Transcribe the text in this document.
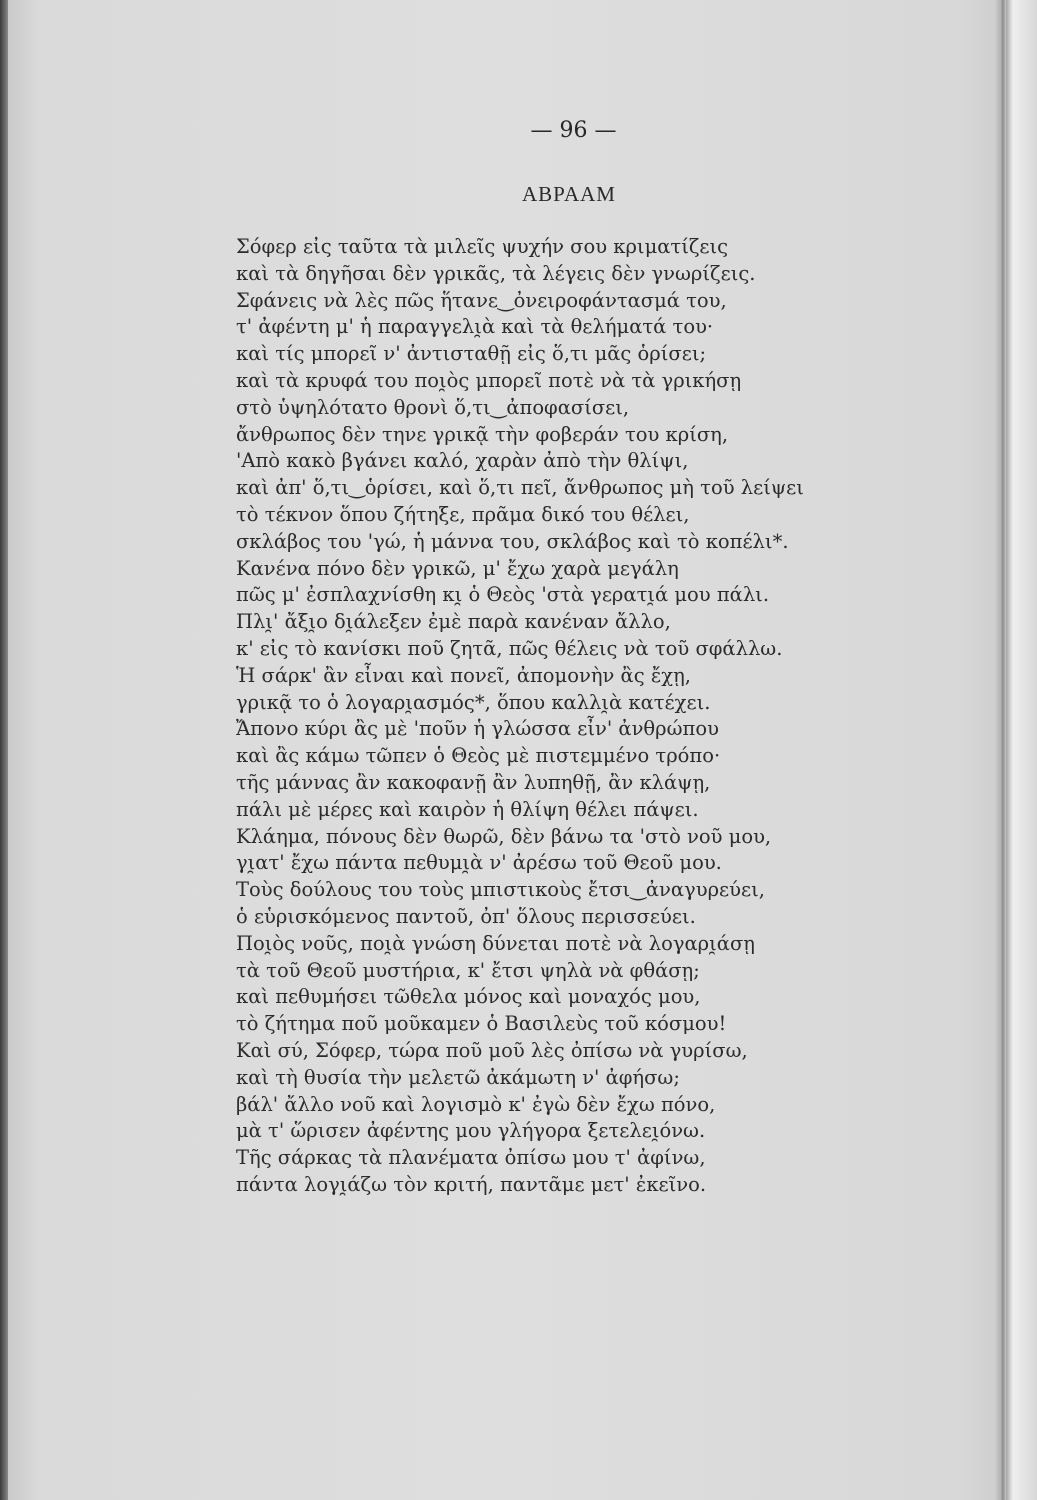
— 96 —
ΑΒΡΑΑΜ
Σόφερ εἰς ταῦτα τὰ μιλεῖς ψυχήν σου κριματίζεις
καὶ τὰ δηγῆσαι δὲν γρικᾶς, τὰ λέγεις δὲν γνωρίζεις.
Σφάνεις νὰ λὲς πῶς ἥτανε‿ὀνειροφάντασμά του,
τ' ἀφέντη μ' ἡ παραγγελι̯ὰ καὶ τὰ θελήματά του·
καὶ τίς μπορεῖ ν' ἀντισταθῇ εἰς ὅ,τι μᾶς ὁρίσει;
καὶ τὰ κρυφά του ποι̯ὸς μπορεῖ ποτὲ νὰ τὰ γρικήσῃ
στὸ ὑψηλότατο θρονὶ ὅ,τι‿ἀποφασίσει,
ἄνθρωπος δὲν τηνε γρικᾷ τὴν φοβεράν του κρίση,
'Απὸ κακὸ βγάνει καλό, χαρὰν ἀπὸ τὴν θλίψι,
καὶ ἀπ' ὅ,τι‿ὁρίσει, καὶ ὅ,τι πεῖ, ἄνθρωπος μὴ τοῦ λείψει
τὸ τέκνον ὅπου ζήτηξε, πρᾶμα δικό του θέλει,
σκλάβος του 'γώ, ἡ μάννα του, σκλάβος καὶ τὸ κοπέλι*.
Κανένα πόνο δὲν γρικῶ, μ' ἔχω χαρὰ μεγάλη
πῶς μ' ἐσπλαχνίσθη κι̯ ὁ Θεὸς 'στὰ γερατι̯ά μου πάλι.
Πλι̯' ἄξι̯ο δι̯άλεξεν ἐμὲ παρὰ κανέναν ἄλλο,
κ' εἰς τὸ κανίσκι ποῦ ζητᾶ, πῶς θέλεις νὰ τοῦ σφάλλω.
Ἡ σάρκ' ἂν εἶναι καὶ πονεῖ, ἀπομονὴν ἂς ἔχῃ,
γρικᾷ το ὁ λογαρι̯ασμός*, ὅπου καλλι̯ὰ κατέχει.
Ἄπονο κύρι ἂς μὲ 'ποῦν ἡ γλώσσα εἶν' ἀνθρώπου
καὶ ἂς κάμω τῶπεν ὁ Θεὸς μὲ πιστεμμένο τρόπο·
τῆς μάννας ἂν κακοφανῇ ἂν λυπηθῇ, ἂν κλάψῃ,
πάλι μὲ μέρες καὶ καιρὸν ἡ θλίψη θέλει πάψει.
Κλάημα, πόνους δὲν θωρῶ, δὲν βάνω τα 'στὸ νοῦ μου,
γι̯ατ' ἔχω πάντα πεθυμι̯ὰ ν' ἀρέσω τοῦ Θεοῦ μου.
Τοὺς δούλους του τοὺς μπιστικοὺς ἔτσι‿ἀναγυρεύει,
ὁ εὑρισκόμενος παντοῦ, ὀπ' ὅλους περισσεύει.
Ποι̯ὸς νοῦς, ποι̯ὰ γνώση δύνεται ποτὲ νὰ λογαρι̯άσῃ
τὰ τοῦ Θεοῦ μυστήρια, κ' ἔτσι ψηλὰ νὰ φθάσῃ;
καὶ πεθυμήσει τῶθελα μόνος καὶ μοναχός μου,
τὸ ζήτημα ποῦ μοῦκαμεν ὁ Βασιλεὺς τοῦ κόσμου!
Καὶ σύ, Σόφερ, τώρα ποῦ μοῦ λὲς ὀπίσω νὰ γυρίσω,
καὶ τὴ θυσία τὴν μελετῶ ἀκάμωτη ν' ἀφήσω;
βάλ' ἄλλο νοῦ καὶ λογισμὸ κ' ἐγὼ δὲν ἔχω πόνο,
μὰ τ' ὥρισεν ἀφέντης μου γλήγορα ξετελει̯όνω.
Τῆς σάρκας τὰ πλανέματα ὀπίσω μου τ' ἀφίνω,
πάντα λογι̯άζω τὸν κριτή, παντᾶμε μετ' ἐκεῖνο.
